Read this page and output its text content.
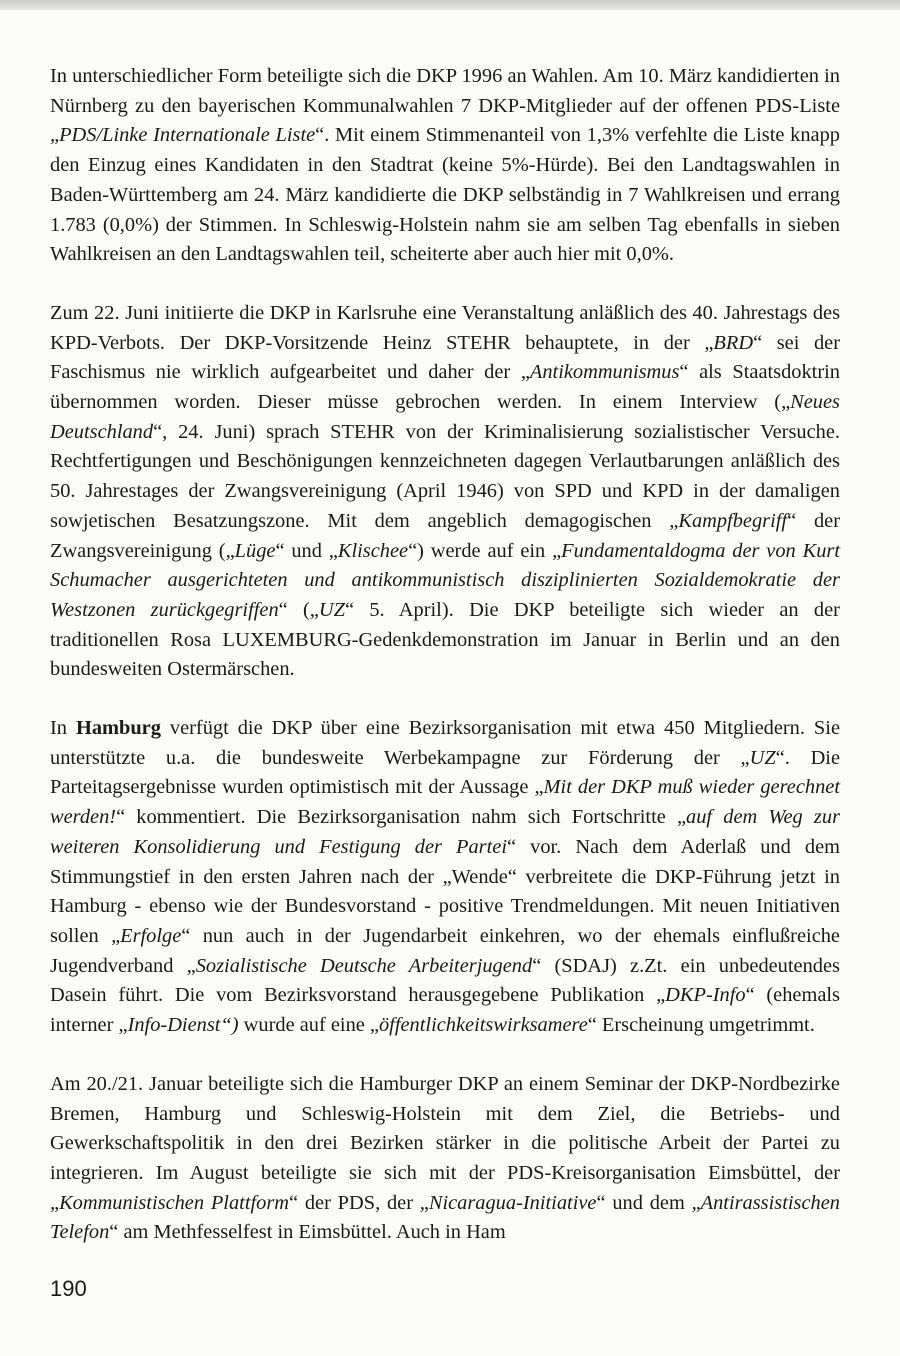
In unterschiedlicher Form beteiligte sich die DKP 1996 an Wahlen. Am 10. März kandidierten in Nürnberg zu den bayerischen Kommunalwahlen 7 DKP-Mitglieder auf der offenen PDS-Liste „PDS/Linke Internationale Liste“. Mit einem Stimmenanteil von 1,3% verfehlte die Liste knapp den Einzug eines Kandidaten in den Stadtrat (keine 5%-Hürde). Bei den Landtagswahlen in Baden-Württemberg am 24. März kandidierte die DKP selbständig in 7 Wahlkreisen und errang 1.783 (0,0%) der Stimmen. In Schleswig-Holstein nahm sie am selben Tag ebenfalls in sieben Wahlkreisen an den Landtagswahlen teil, scheiterte aber auch hier mit 0,0%.

Zum 22. Juni initiierte die DKP in Karlsruhe eine Veranstaltung anläßlich des 40. Jahrestags des KPD-Verbots. Der DKP-Vorsitzende Heinz STEHR behauptete, in der „BRD“ sei der Faschismus nie wirklich aufgearbeitet und daher der „Antikommunismus“ als Staatsdoktrin übernommen worden. Dieser müsse gebrochen werden. In einem Interview („Neues Deutschland“, 24. Juni) sprach STEHR von der Kriminalisierung sozialistischer Versuche. Rechtfertigungen und Beschönigungen kennzeichneten dagegen Verlautbarungen anläßlich des 50. Jahrestages der Zwangsvereinigung (April 1946) von SPD und KPD in der damaligen sowjetischen Besatzungszone. Mit dem angeblich demagogischen „Kampfbegriff“ der Zwangsvereinigung („Lüge“ und „Klischee“) werde auf ein „Fundamentaldogma der von Kurt Schumacher ausgerichteten und antikommunistisch disziplinierten Sozialdemokratie der Westzonen zurückgegriffen“ („UZ“ 5. April). Die DKP beteiligte sich wieder an der traditionellen Rosa LUXEMBURG-Gedenkdemonstration im Januar in Berlin und an den bundesweiten Ostermärschen.

In Hamburg verfügt die DKP über eine Bezirksorganisation mit etwa 450 Mitgliedern. Sie unterstützte u.a. die bundesweite Werbekampagne zur Förderung der „UZ“. Die Parteitagsergebnisse wurden optimistisch mit der Aussage „Mit der DKP muß wieder gerechnet werden!“ kommentiert. Die Bezirksorganisation nahm sich Fortschritte „auf dem Weg zur weiteren Konsolidierung und Festigung der Partei“ vor. Nach dem Aderlaß und dem Stimmungstief in den ersten Jahren nach der „Wende“ verbreitete die DKP-Führung jetzt in Hamburg - ebenso wie der Bundesvorstand - positive Trendmeldungen. Mit neuen Initiativen sollen „Erfolge“ nun auch in der Jugendarbeit einkehren, wo der ehemals einflußreiche Jugendverband „Sozialistische Deutsche Arbeiterjugend“ (SDAJ) z.Zt. ein unbedeutendes Dasein führt. Die vom Bezirksvorstand herausgegebene Publikation „DKP-Info“ (ehemals interner „Info-Dienst“) wurde auf eine „öffentlichkeitswirksamere“ Erscheinung umgetrimmt.

Am 20./21. Januar beteiligte sich die Hamburger DKP an einem Seminar der DKP-Nordbezirke Bremen, Hamburg und Schleswig-Holstein mit dem Ziel, die Betriebs- und Gewerkschaftspolitik in den drei Bezirken stärker in die politische Arbeit der Partei zu integrieren. Im August beteiligte sie sich mit der PDS-Kreisorganisation Eimsbüttel, der „Kommunistischen Plattform“ der PDS, der „Nicaragua-Initiative“ und dem „Antirassistischen Telefon“ am Methfesselfest in Eimsbüttel. Auch in Ham

190
